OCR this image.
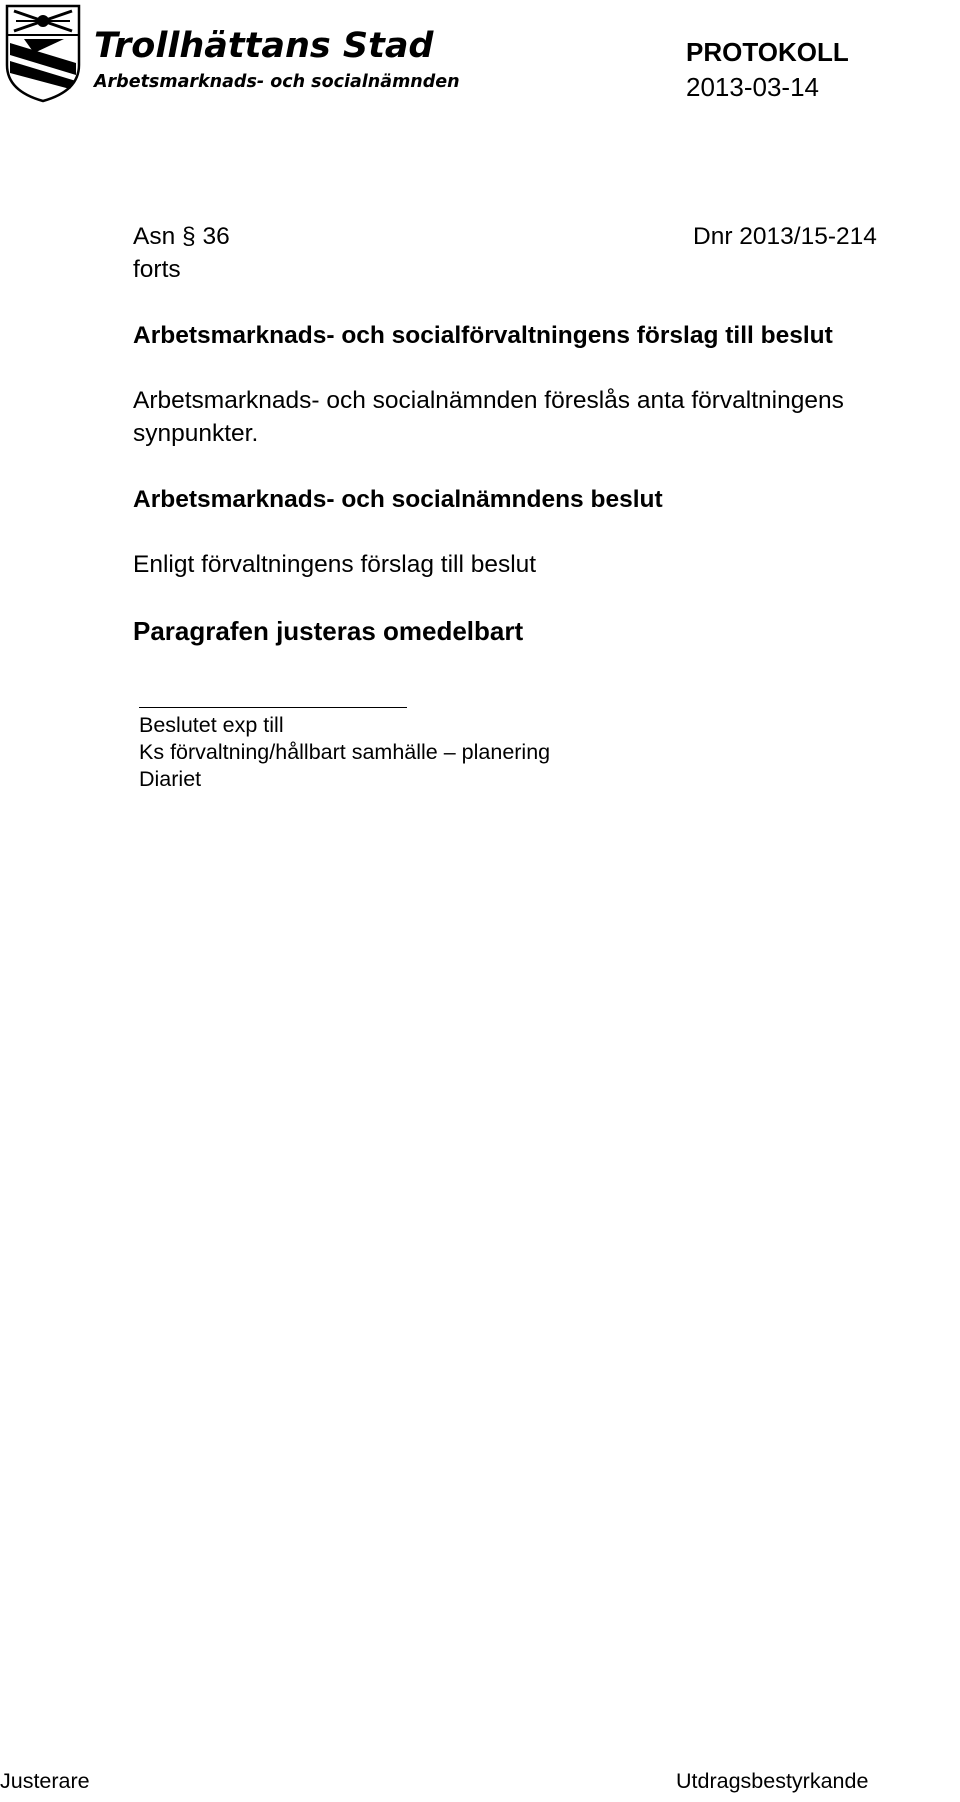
Trollhättans Stad
Arbetsmarknads- och socialnämnden
PROTOKOLL
2013-03-14
Asn § 36	Dnr 2013/15-214
forts
Arbetsmarknads- och socialförvaltningens förslag till beslut
Arbetsmarknads- och socialnämnden föreslås anta förvaltningens
synpunkter.
Arbetsmarknads- och socialnämndens beslut
Enligt förvaltningens förslag till beslut
Paragrafen justeras omedelbart
Beslutet exp till
Ks förvaltning/hållbart samhälle – planering
Diariet
Justerare	Utdragsbestyrkande
